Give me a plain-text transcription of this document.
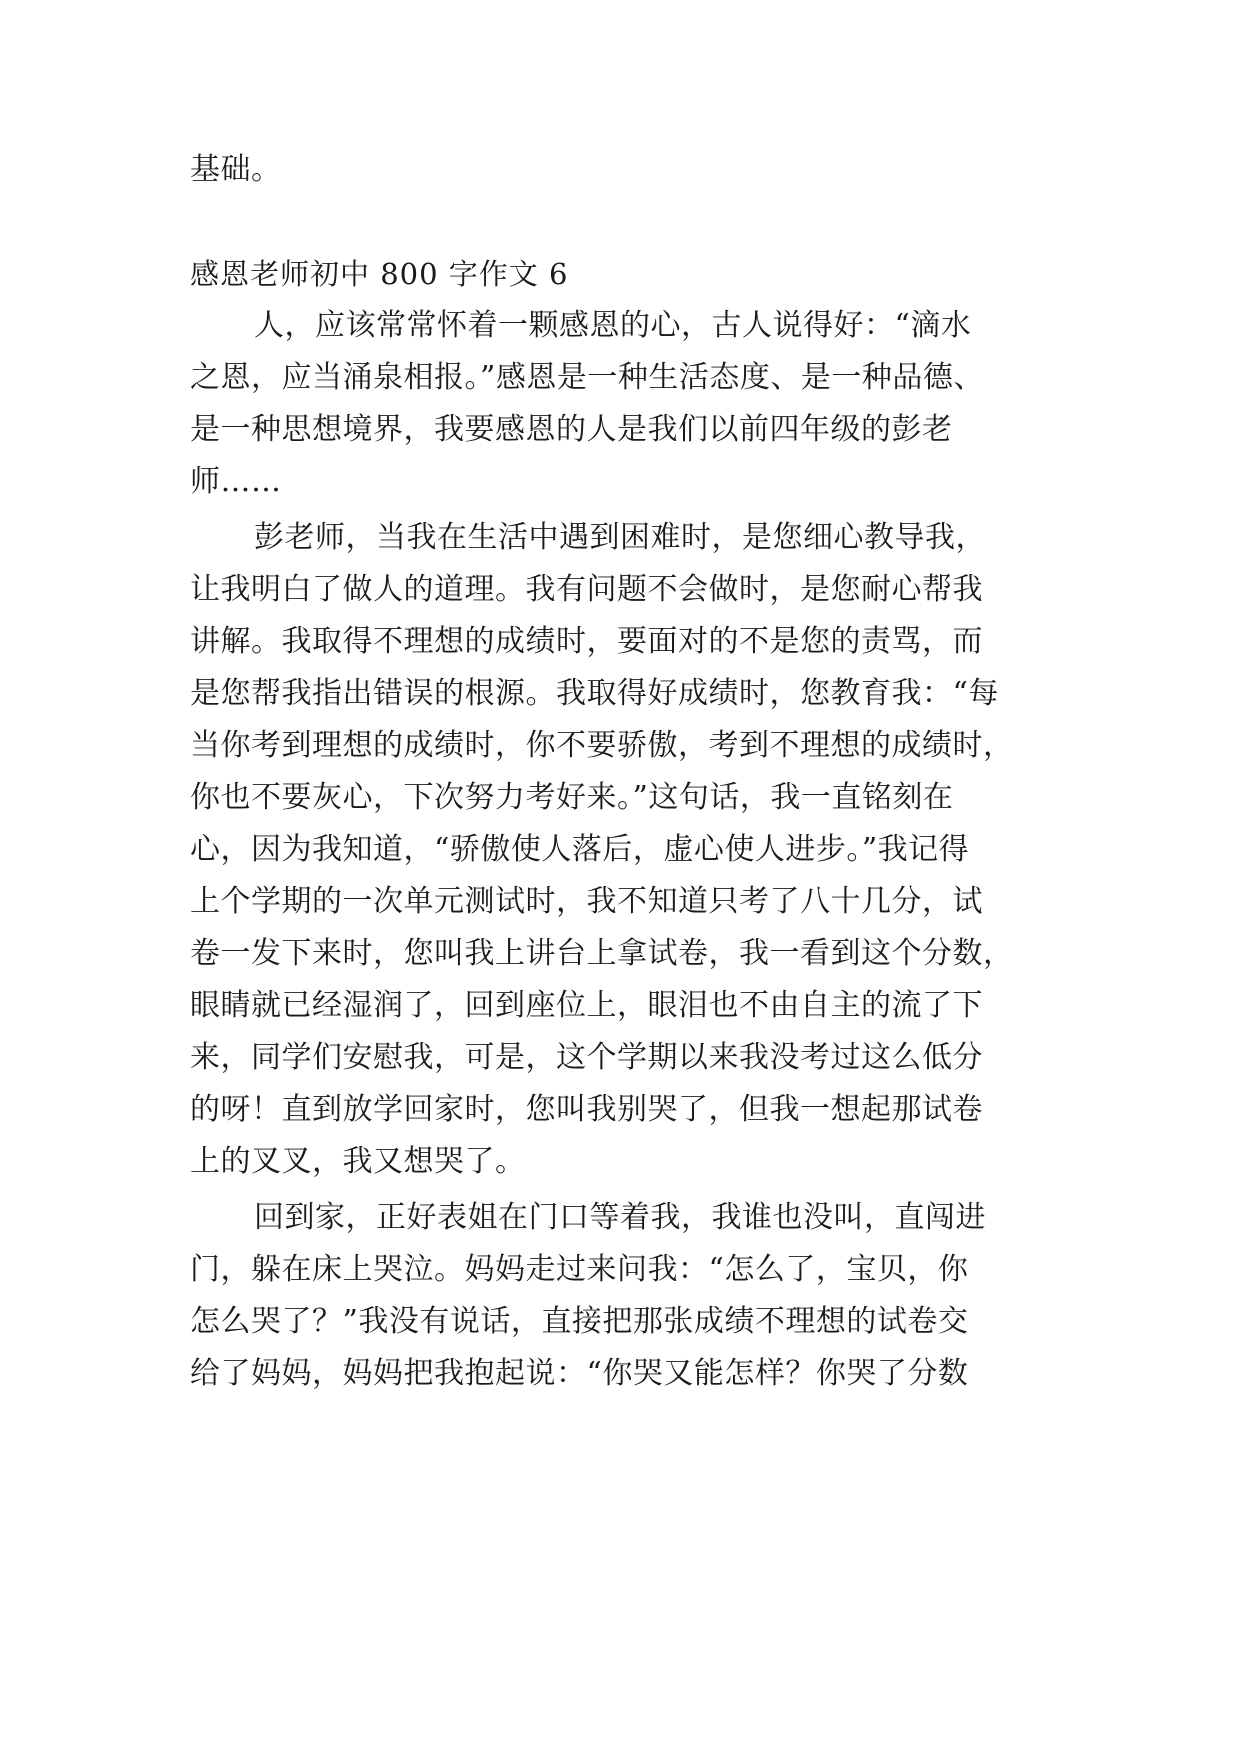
基础。
感恩老师初中 800 字作文 6
人，应该常常怀着一颗感恩的心，古人说得好：“滴水
之恩，应当涌泉相报。”感恩是一种生活态度、是一种品德、
是一种思想境界，我要感恩的人是我们以前四年级的彭老
师……
彭老师，当我在生活中遇到困难时，是您细心教导我，
让我明白了做人的道理。我有问题不会做时，是您耐心帮我
讲解。我取得不理想的成绩时，要面对的不是您的责骂，而
是您帮我指出错误的根源。我取得好成绩时，您教育我：“每
当你考到理想的成绩时，你不要骄傲，考到不理想的成绩时，
你也不要灰心，下次努力考好来。”这句话，我一直铭刻在
心，因为我知道，“骄傲使人落后，虚心使人进步。”我记得
上个学期的一次单元测试时，我不知道只考了八十几分，试
卷一发下来时，您叫我上讲台上拿试卷，我一看到这个分数，
眼睛就已经湿润了，回到座位上，眼泪也不由自主的流了下
来，同学们安慰我，可是，这个学期以来我没考过这么低分
的呀！直到放学回家时，您叫我别哭了，但我一想起那试卷
上的叉叉，我又想哭了。
回到家，正好表姐在门口等着我，我谁也没叫，直闯进
门，躲在床上哭泣。妈妈走过来问我：“怎么了，宝贝，你
怎么哭了？”我没有说话，直接把那张成绩不理想的试卷交
给了妈妈，妈妈把我抱起说：“你哭又能怎样？你哭了分数
